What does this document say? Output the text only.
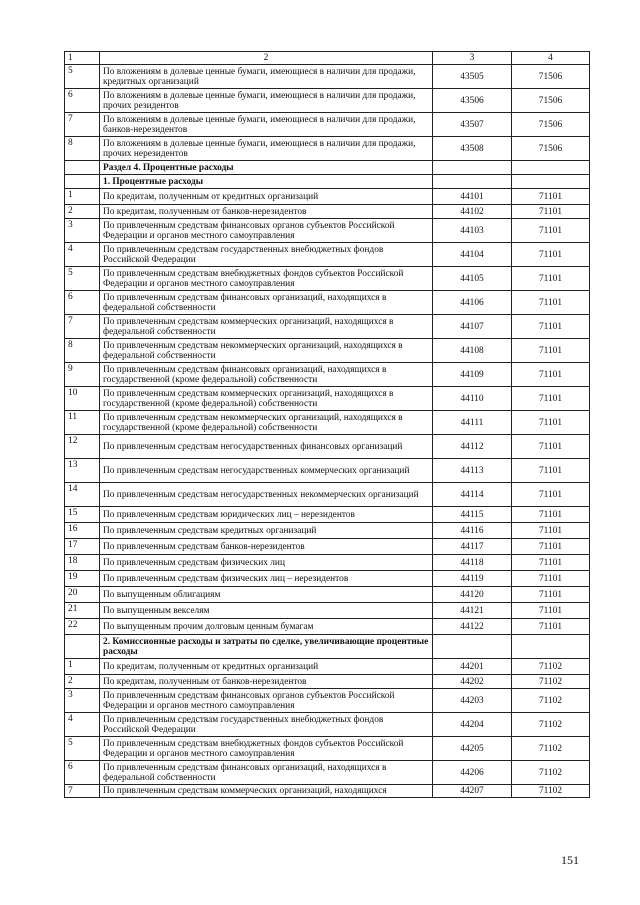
1	2	3	4
5	По вложениям в долевые ценные бумаги, имеющиеся в наличии для продажи, кредитных организаций	43505	71506
6	По вложениям в долевые ценные бумаги, имеющиеся в наличии для продажи, прочих резидентов	43506	71506
7	По вложениям в долевые ценные бумаги, имеющиеся в наличии для продажи, банков-нерезидентов	43507	71506
8	По вложениям в долевые ценные бумаги, имеющиеся в наличии для продажи, прочих нерезидентов	43508	71506
	Раздел 4. Процентные расходы		
	1. Процентные расходы		
1	По кредитам, полученным от кредитных организаций	44101	71101
2	По кредитам, полученным от банков-нерезидентов	44102	71101
3	По привлеченным средствам финансовых органов субъектов Российской Федерации и органов местного самоуправления	44103	71101
4	По привлеченным средствам государственных внебюджетных фондов Российской Федерации	44104	71101
5	По привлеченным средствам внебюджетных фондов субъектов Российской Федерации и органов местного самоуправления	44105	71101
6	По привлеченным средствам финансовых организаций, находящихся в федеральной собственности	44106	71101
7	По привлеченным средствам коммерческих организаций, находящихся в федеральной собственности	44107	71101
8	По привлеченным средствам некоммерческих организаций, находящихся в федеральной собственности	44108	71101
9	По привлеченным средствам финансовых организаций, находящихся в государственной (кроме федеральной) собственности	44109	71101
10	По привлеченным средствам коммерческих организаций, находящихся в государственной (кроме федеральной) собственности	44110	71101
11	По привлеченным средствам некоммерческих организаций, находящихся в государственной (кроме федеральной) собственности	44111	71101
12	По привлеченным средствам негосударственных финансовых организаций	44112	71101
13	По привлеченным средствам негосударственных коммерческих организаций	44113	71101
14	По привлеченным средствам негосударственных некоммерческих организаций	44114	71101
15	По привлеченным средствам юридических лиц – нерезидентов	44115	71101
16	По привлеченным средствам кредитных организаций	44116	71101
17	По привлеченным средствам банков-нерезидентов	44117	71101
18	По привлеченным средствам физических лиц	44118	71101
19	По привлеченным средствам физических лиц – нерезидентов	44119	71101
20	По выпущенным облигациям	44120	71101
21	По выпущенным векселям	44121	71101
22	По выпущенным прочим долговым ценным бумагам	44122	71101
	2. Комиссионные расходы и затраты по сделке, увеличивающие процентные расходы		
1	По кредитам, полученным от кредитных организаций	44201	71102
2	По кредитам, полученным от банков-нерезидентов	44202	71102
3	По привлеченным средствам финансовых органов субъектов Российской Федерации и органов местного самоуправления	44203	71102
4	По привлеченным средствам государственных внебюджетных фондов Российской Федерации	44204	71102
5	По привлеченным средствам внебюджетных фондов субъектов Российской Федерации и органов местного самоуправления	44205	71102
6	По привлеченным средствам финансовых организаций, находящихся в федеральной собственности	44206	71102
7	По привлеченным средствам коммерческих организаций, находящихся	44207	71102
151
